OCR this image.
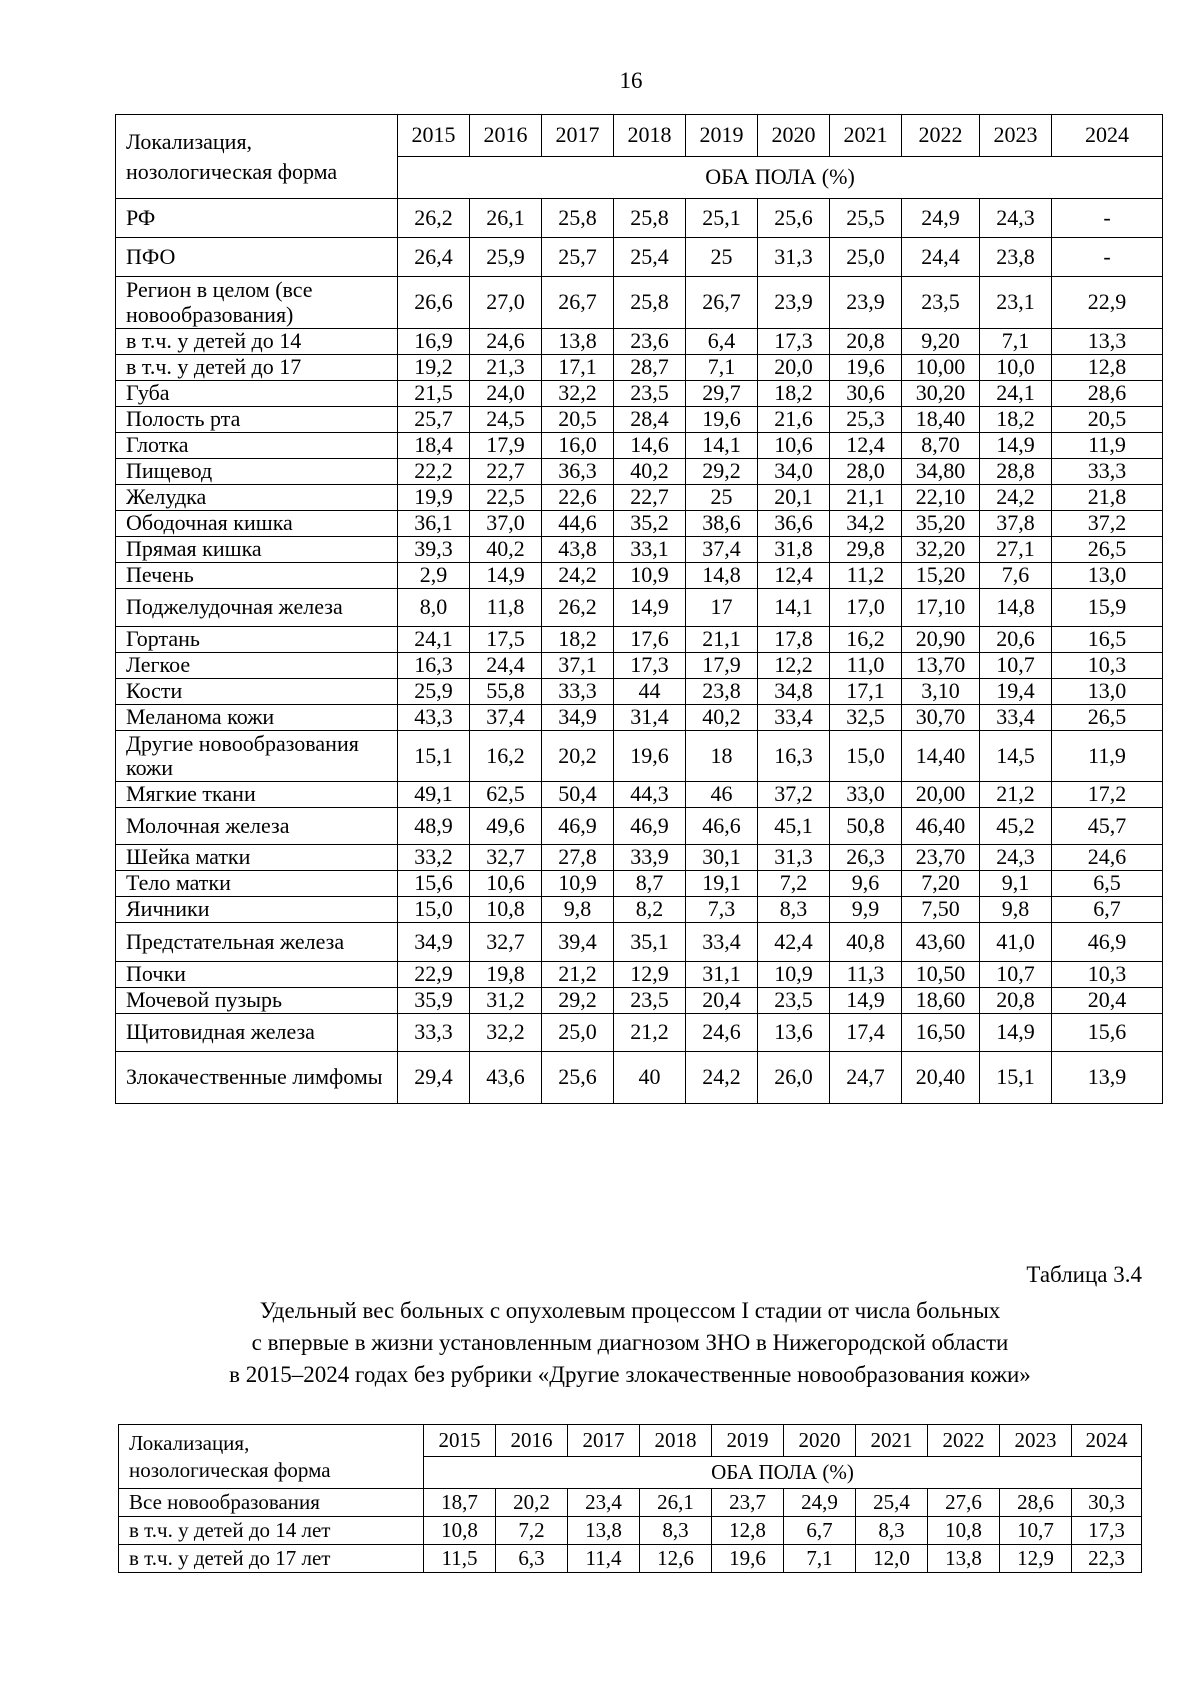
16
Локализация,
нозологическая форма	2015	2016	2017	2018	2019	2020	2021	2022	2023	2024
	ОБА ПОЛА (%)									
РФ	26,2	26,1	25,8	25,8	25,1	25,6	25,5	24,9	24,3	-
ПФО	26,4	25,9	25,7	25,4	25	31,3	25,0	24,4	23,8	-
Регион в целом (все новообразования)	26,6	27,0	26,7	25,8	26,7	23,9	23,9	23,5	23,1	22,9
в т.ч. у детей до 14	16,9	24,6	13,8	23,6	6,4	17,3	20,8	9,20	7,1	13,3
в т.ч. у детей до 17	19,2	21,3	17,1	28,7	7,1	20,0	19,6	10,00	10,0	12,8
Губа	21,5	24,0	32,2	23,5	29,7	18,2	30,6	30,20	24,1	28,6
Полость рта	25,7	24,5	20,5	28,4	19,6	21,6	25,3	18,40	18,2	20,5
Глотка	18,4	17,9	16,0	14,6	14,1	10,6	12,4	8,70	14,9	11,9
Пищевод	22,2	22,7	36,3	40,2	29,2	34,0	28,0	34,80	28,8	33,3
Желудка	19,9	22,5	22,6	22,7	25	20,1	21,1	22,10	24,2	21,8
Ободочная кишка	36,1	37,0	44,6	35,2	38,6	36,6	34,2	35,20	37,8	37,2
Прямая кишка	39,3	40,2	43,8	33,1	37,4	31,8	29,8	32,20	27,1	26,5
Печень	2,9	14,9	24,2	10,9	14,8	12,4	11,2	15,20	7,6	13,0
Поджелудочная железа	8,0	11,8	26,2	14,9	17	14,1	17,0	17,10	14,8	15,9
Гортань	24,1	17,5	18,2	17,6	21,1	17,8	16,2	20,90	20,6	16,5
Легкое	16,3	24,4	37,1	17,3	17,9	12,2	11,0	13,70	10,7	10,3
Кости	25,9	55,8	33,3	44	23,8	34,8	17,1	3,10	19,4	13,0
Меланома кожи	43,3	37,4	34,9	31,4	40,2	33,4	32,5	30,70	33,4	26,5
Другие новообразования кожи	15,1	16,2	20,2	19,6	18	16,3	15,0	14,40	14,5	11,9
Мягкие ткани	49,1	62,5	50,4	44,3	46	37,2	33,0	20,00	21,2	17,2
Молочная железа	48,9	49,6	46,9	46,9	46,6	45,1	50,8	46,40	45,2	45,7
Шейка матки	33,2	32,7	27,8	33,9	30,1	31,3	26,3	23,70	24,3	24,6
Тело матки	15,6	10,6	10,9	8,7	19,1	7,2	9,6	7,20	9,1	6,5
Яичники	15,0	10,8	9,8	8,2	7,3	8,3	9,9	7,50	9,8	6,7
Предстательная железа	34,9	32,7	39,4	35,1	33,4	42,4	40,8	43,60	41,0	46,9
Почки	22,9	19,8	21,2	12,9	31,1	10,9	11,3	10,50	10,7	10,3
Мочевой пузырь	35,9	31,2	29,2	23,5	20,4	23,5	14,9	18,60	20,8	20,4
Щитовидная железа	33,3	32,2	25,0	21,2	24,6	13,6	17,4	16,50	14,9	15,6
Злокачественные лимфомы	29,4	43,6	25,6	40	24,2	26,0	24,7	20,40	15,1	13,9
Таблица 3.4
Удельный вес больных с опухолевым процессом I стадии от числа больных
с впервые в жизни установленным диагнозом ЗНО в Нижегородской области
в 2015–2024 годах без рубрики «Другие злокачественные новообразования кожи»
Локализация,
нозологическая форма	2015	2016	2017	2018	2019	2020	2021	2022	2023	2024
	ОБА ПОЛА (%)									
Все новообразования	18,7	20,2	23,4	26,1	23,7	24,9	25,4	27,6	28,6	30,3
в т.ч. у детей до 14 лет	10,8	7,2	13,8	8,3	12,8	6,7	8,3	10,8	10,7	17,3
в т.ч. у детей до 17 лет	11,5	6,3	11,4	12,6	19,6	7,1	12,0	13,8	12,9	22,3
